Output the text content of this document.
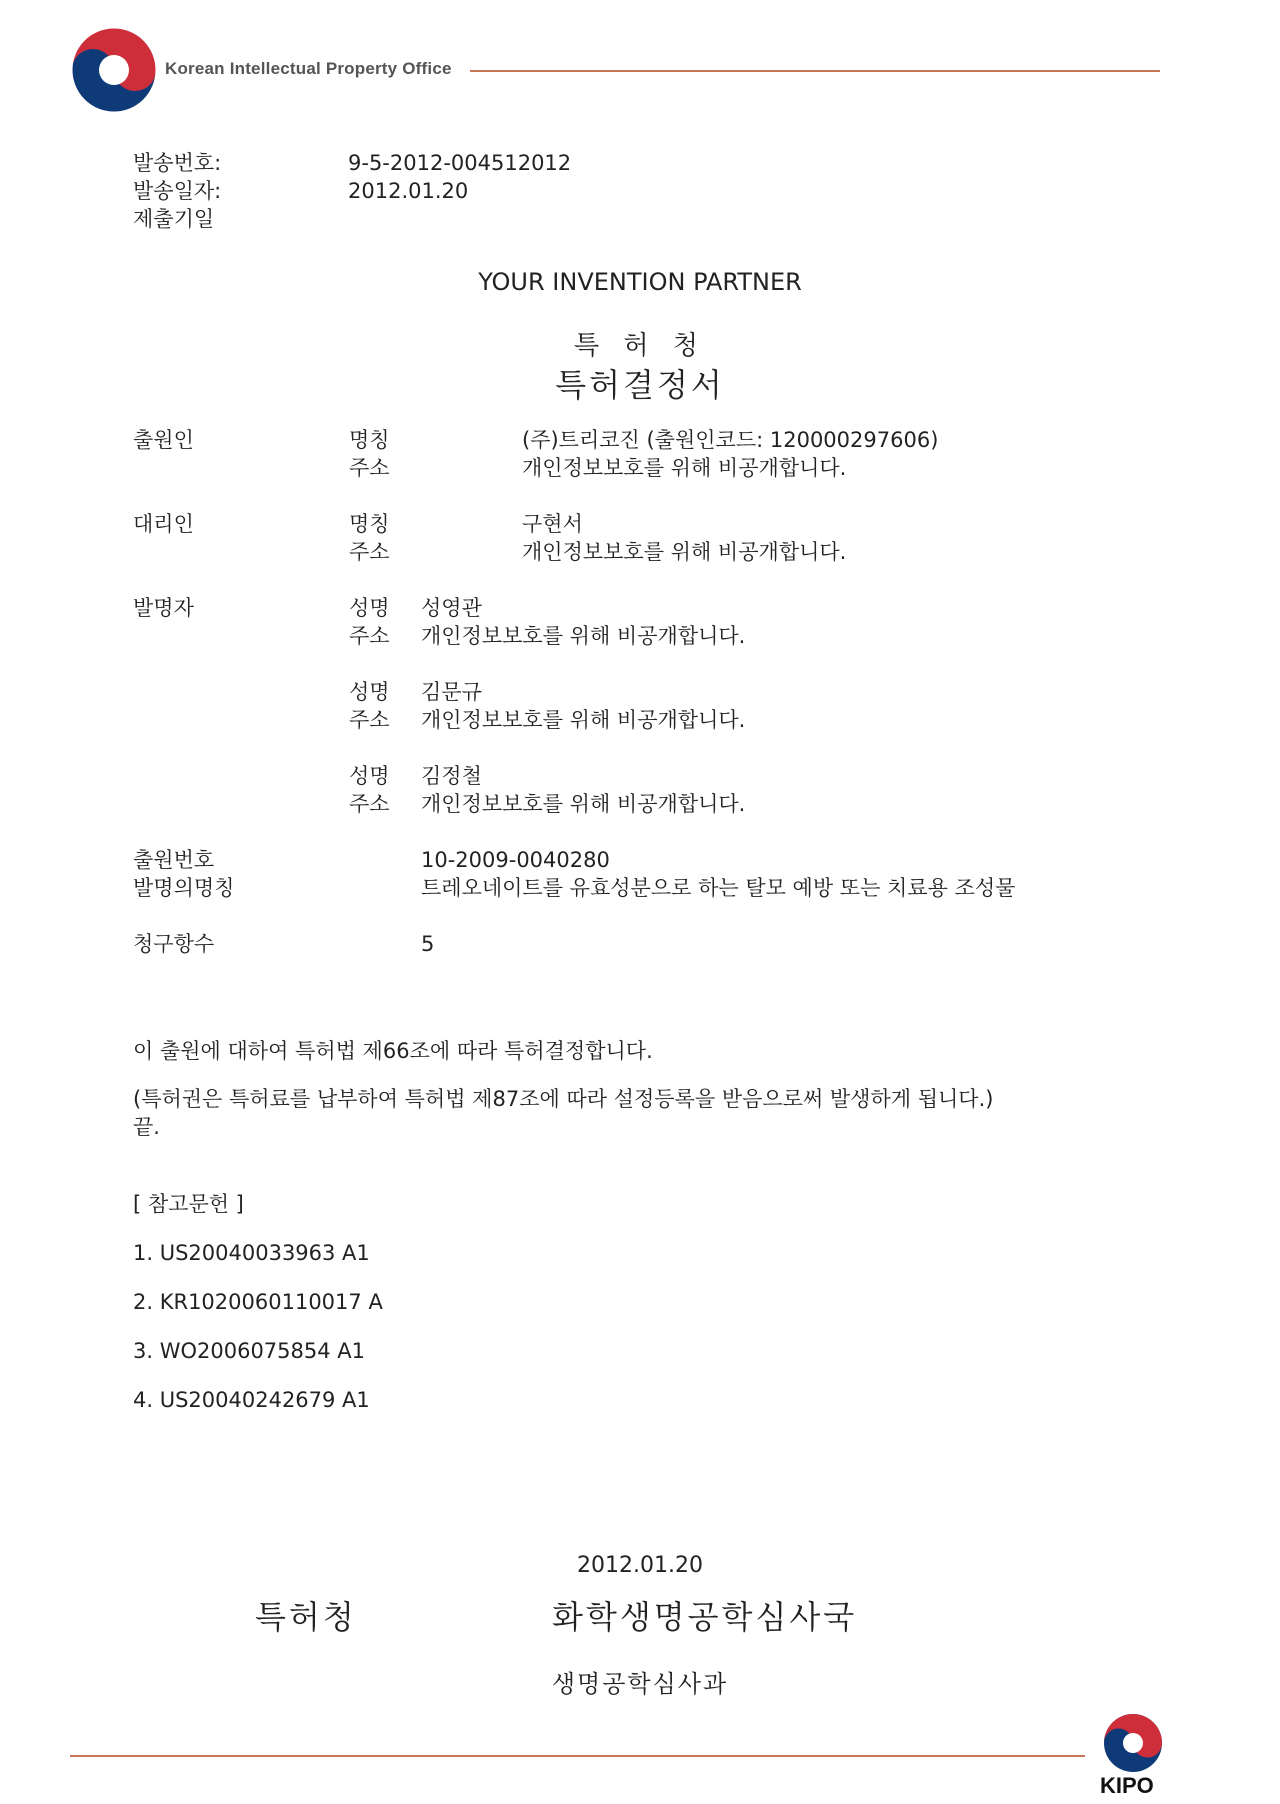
Korean Intellectual Property Office
발송번호:	9-5-2012-004512012
발송일자:	2012.01.20
제출기일
YOUR INVENTION PARTNER
특 허 청
특허결정서
출원인	명칭	(주)트리코진 (출원인코드: 120000297606)
주소	개인정보보호를 위해 비공개합니다.
대리인	명칭	구현서
주소	개인정보보호를 위해 비공개합니다.
발명자	성명 성영관
주소 개인정보보호를 위해 비공개합니다.
성명 김문규
주소 개인정보보호를 위해 비공개합니다.
성명 김정철
주소 개인정보보호를 위해 비공개합니다.
출원번호	10-2009-0040280
발명의명칭	트레오네이트를 유효성분으로 하는 탈모 예방 또는 치료용 조성물
청구항수	5
이 출원에 대하여 특허법 제66조에 따라 특허결정합니다.
(특허권은 특허료를 납부하여 특허법 제87조에 따라 설정등록을 받음으로써 발생하게 됩니다.)
끝.
[ 참고문헌 ]
1. US20040033963 A1
2. KR1020060110017 A
3. WO2006075854 A1
4. US20040242679 A1
2012.01.20
특허청	화학생명공학심사국
생명공학심사과
KIPO
